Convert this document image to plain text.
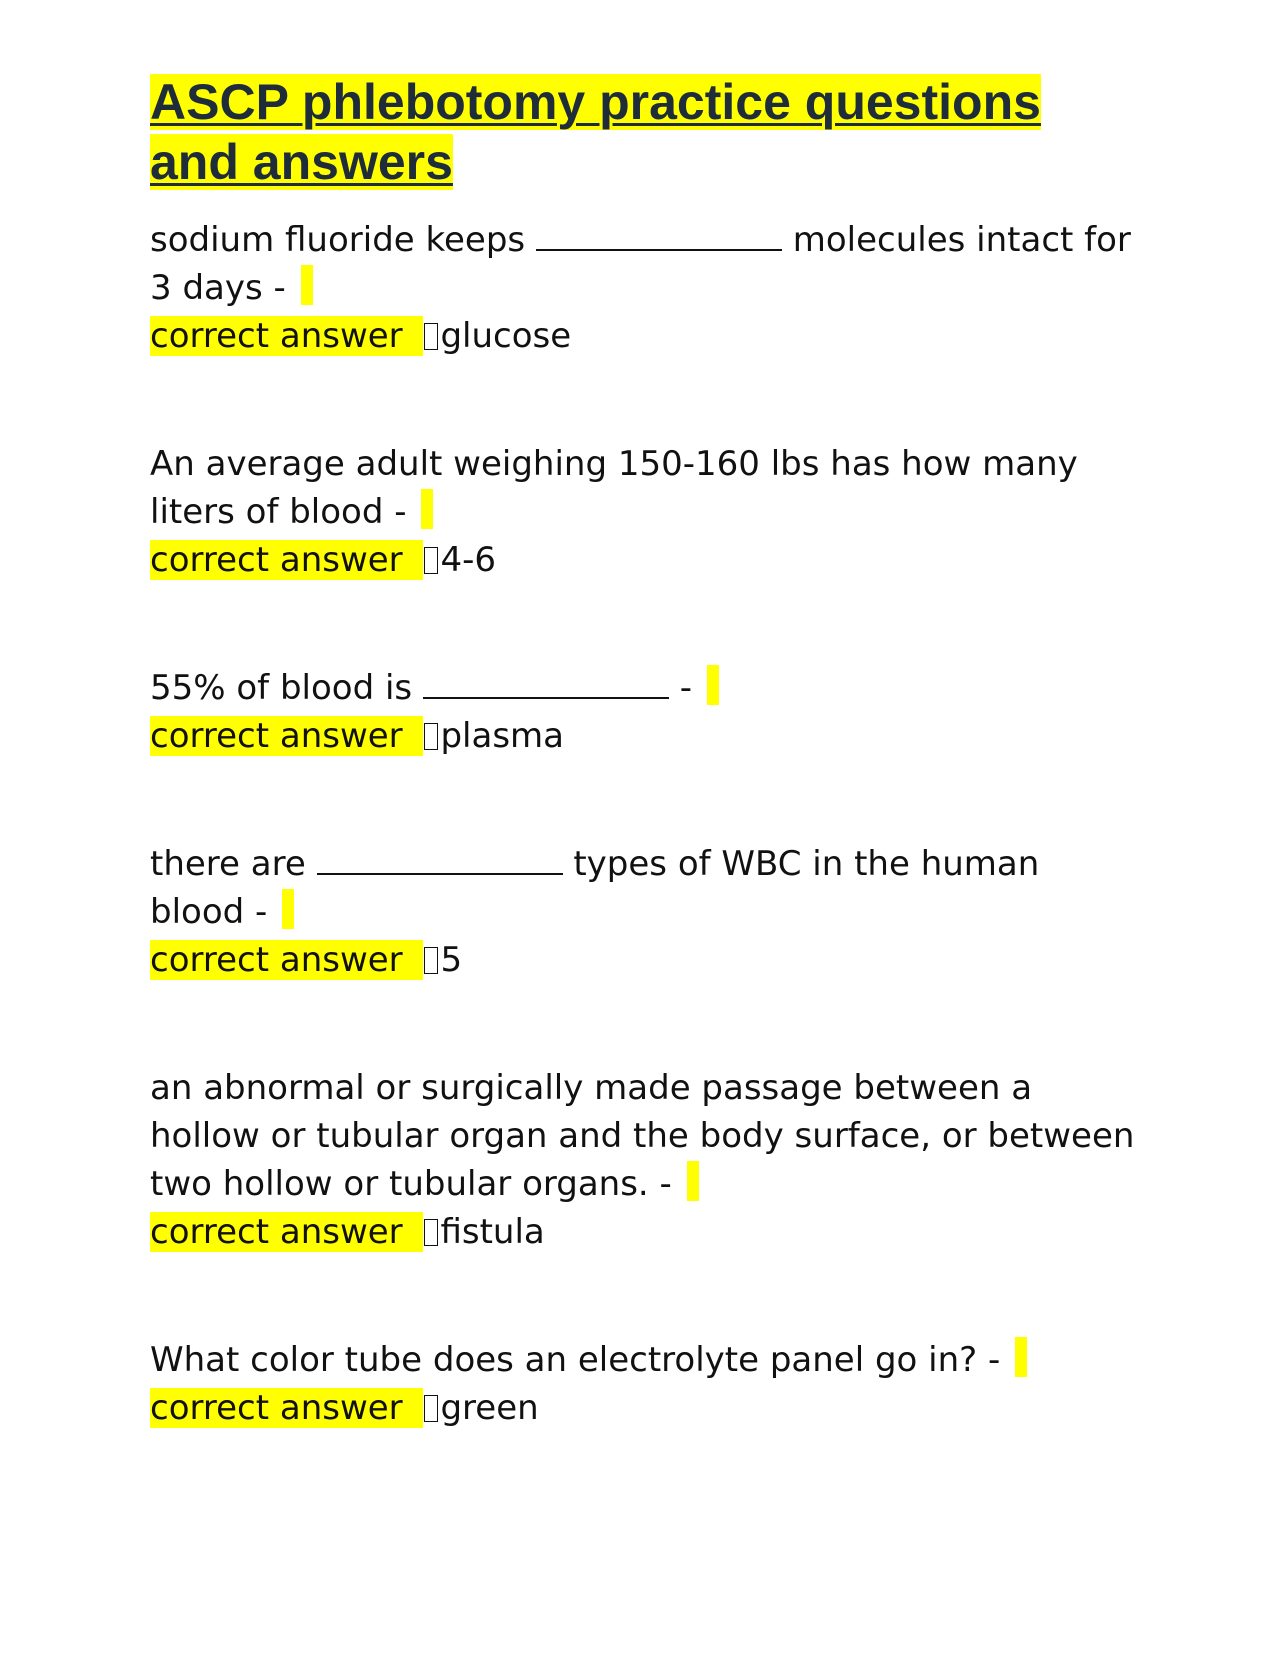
ASCP phlebotomy practice questions
and answers

sodium fluoride keeps	molecules intact for 3 days -

correct answer glucose

An average adult weighing 150-160 lbs has how many liters of blood -

correct answer 4-6

55% of blood is	-

correct answer plasma

there are	types of WBC in the human blood -

correct answer 5

an abnormal or surgically made passage between a hollow or tubular organ and the body surface, or between two hollow or tubular organs. -

correct answer fistula

What color tube does an electrolyte panel go in? -

correct answer green
